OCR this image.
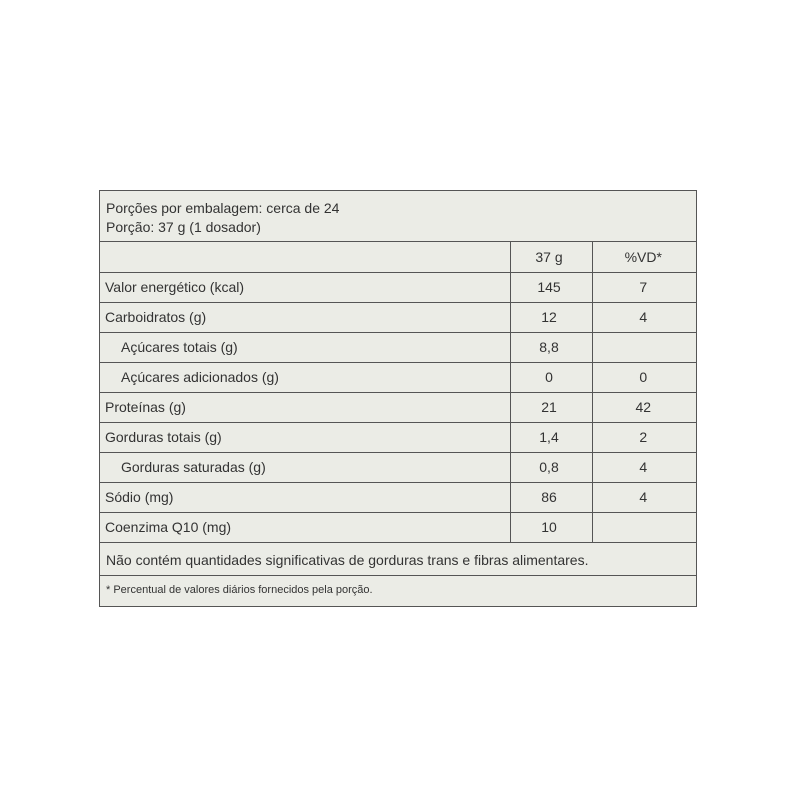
Porções por embalagem: cerca de 24
Porção: 37 g (1 dosador)
	37 g	%VD*
Valor energético (kcal)	145	7
Carboidratos (g)	12	4
Açúcares totais (g)	8,8	
Açúcares adicionados (g)	0	0
Proteínas (g)	21	42
Gorduras totais (g)	1,4	2
Gorduras saturadas (g)	0,8	4
Sódio (mg)	86	4
Coenzima Q10 (mg)	10	
Não contém quantidades significativas de gorduras trans e fibras alimentares.
* Percentual de valores diários fornecidos pela porção.
